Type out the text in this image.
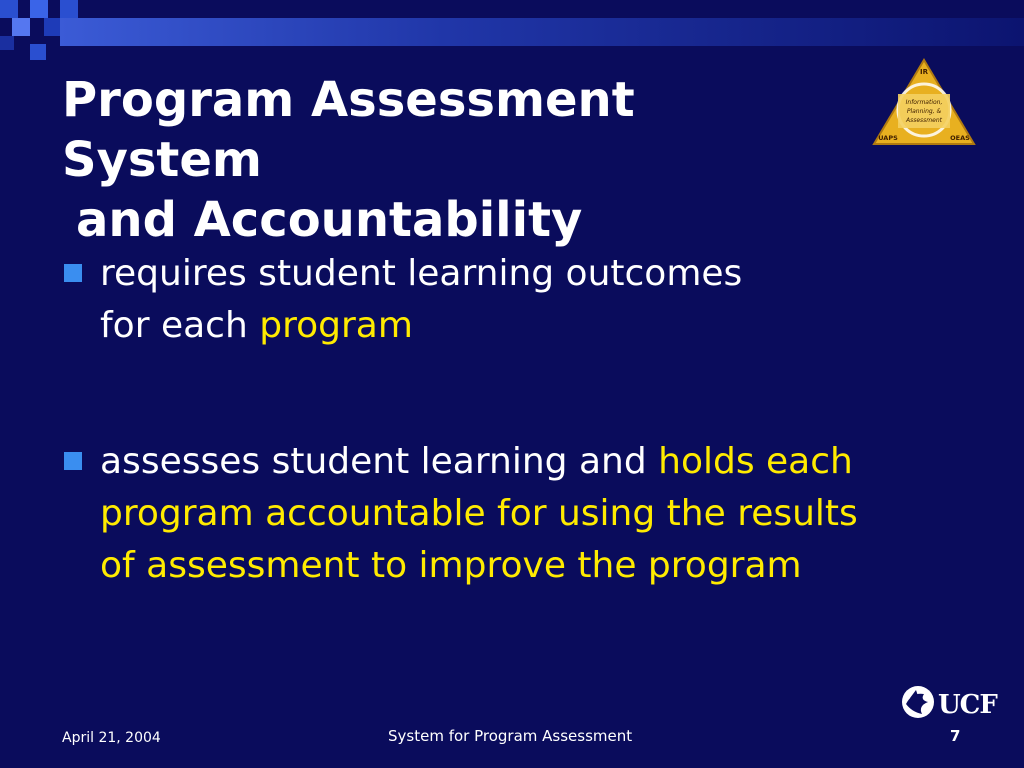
Program Assessment System
and Accountability
IR
Information,
Planning, &
Assessment
UAPS	OEAS
requires student learning outcomes
for each program
assesses student learning and holds each
program accountable for using the results
of assessment to improve the program
UCF
April 21, 2004	System for Program Assessment	7
